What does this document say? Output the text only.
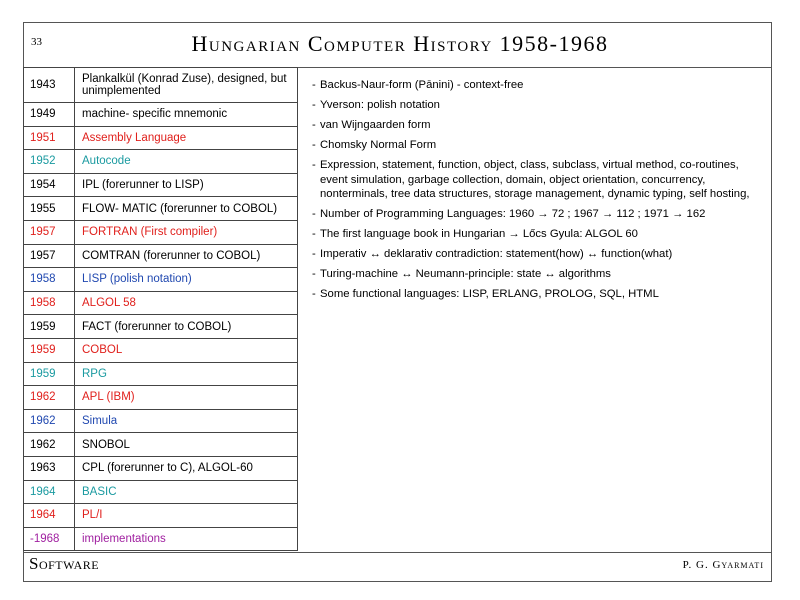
33	Hungarian Computer History 1958-1968
1943	Plankalkül (Konrad Zuse), designed, but unimplemented
1949	machine- specific mnemonic
1951	Assembly Language
1952	Autocode
1954	IPL (forerunner to LISP)
1955	FLOW- MATIC (forerunner to COBOL)
1957	FORTRAN (First compiler)
1957	COMTRAN (forerunner to COBOL)
1958	LISP (polish notation)
1958	ALGOL 58
1959	FACT (forerunner to COBOL)
1959	COBOL
1959	RPG
1962	APL (IBM)
1962	Simula
1962	SNOBOL
1963	CPL (forerunner to C), ALGOL-60
1964	BASIC
1964	PL/I
-1968	implementations
- Backus-Naur-form (Pānini) - context-free
- Yverson: polish notation
- van Wijngaarden form
- Chomsky Normal Form
- Expression, statement, function, object, class, subclass, virtual method, co-routines, event simulation, garbage collection, domain, object orientation, concurrency, nonterminals, tree data structures, storage management, dynamic typing, self hosting,
- Number of Programming Languages: 1960 → 72 ; 1967 → 112 ; 1971 → 162
- The first language book in Hungarian → Lőcs Gyula: ALGOL 60
- Imperativ ↔ deklarativ contradiction: statement(how) ↔ function(what)
- Turing-machine ↔ Neumann-principle: state ↔ algorithms
- Some functional languages: LISP, ERLANG, PROLOG, SQL, HTML
Software	P. G. Gyarmati
